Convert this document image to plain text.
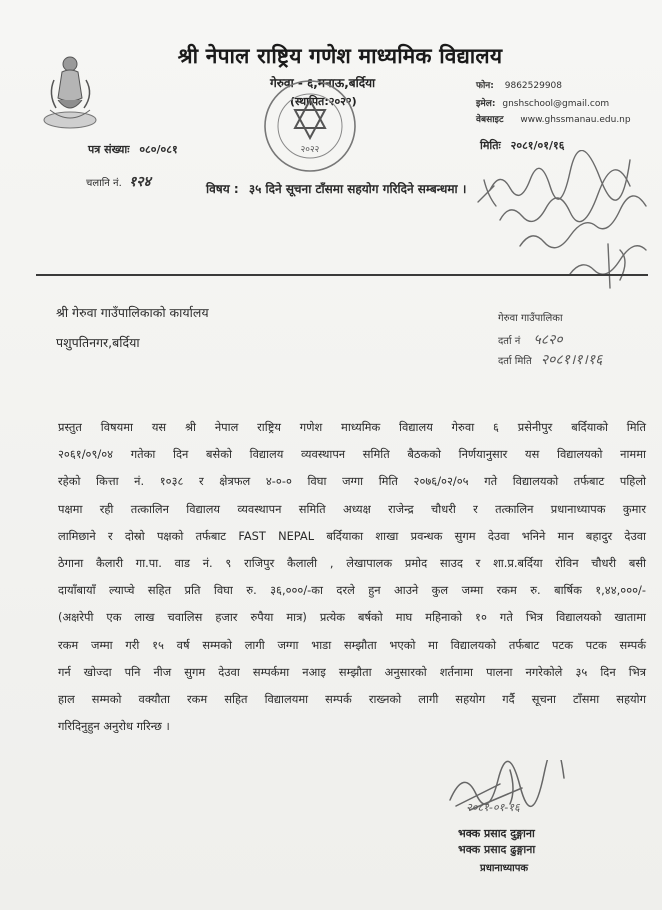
श्री नेपाल राष्ट्रिय गणेश माध्यमिक विद्यालय
गेरुवा - ६,मनाऊ,बर्दिया
(स्थापित:२०२२)
फोन: 9862529908
इमेल: gnshschool@gmail.com
वेबसाइट www.ghssmanau.edu.np
२०२२
पत्र संख्याः ०८०/०८१	मितिः २०८१/०१/१६
चलानि नं. १२४	विषय : ३५ दिने सूचना टाँसमा सहयोग गरिदिने सम्बन्धमा ।
श्री गेरुवा गाउँपालिकाको कार्यालय
पशुपतिनगर,बर्दिया
गेरुवा गाउँपालिका
दर्ता नं ५८२०
दर्ता मिति २०८१।१।१६
प्रस्तुत विषयमा यस श्री नेपाल राष्ट्रिय गणेश माध्यमिक विद्यालय गेरुवा ६ प्रसेनीपुर बर्दियाको मिति
२०६१/०९/०४ गतेका दिन बसेको विद्यालय व्यवस्थापन समिति बैठकको निर्णयानुसार यस विद्यालयको नाममा
रहेको कित्ता नं. १०३८ र क्षेत्रफल ४-०-० विघा जग्गा मिति २०७६/०२/०५ गते विद्यालयको तर्फबाट पहिलो
पक्षमा रही तत्कालिन विद्यालय व्यवस्थापन समिति अध्यक्ष राजेन्द्र चौधरी र तत्कालिन प्रधानाध्यापक कुमार
लामिछाने र दोस्रो पक्षको तर्फबाट FAST NEPAL बर्दियाका शाखा प्रवन्धक सुगम देउवा भनिने मान बहादुर देउवा
ठेगाना कैलारी गा.पा. वाड नं. ९ राजिपुर कैलाली , लेखापालक प्रमोद साउद र शा.प्र.बर्दिया रोविन चौधरी बसी
दायाँबायाँ ल्याप्चे सहित प्रति विघा रु. ३६,०००/-का दरले हुन आउने कुल जम्मा रकम रु. बार्षिक १,४४,०००/-
(अक्षरेपी एक लाख चवालिस हजार रुपैया मात्र) प्रत्येक बर्षको माघ महिनाको १० गते भित्र विद्यालयको खातामा
रकम जम्मा गरी १५ वर्ष सम्मको लागी जग्गा भाडा सम्झौता भएको मा विद्यालयको तर्फबाट पटक पटक सम्पर्क
गर्न खोज्दा पनि नीज सुगम देउवा सम्पर्कमा नआइ सम्झौता अनुसारको शर्तनामा पालना नगरेकोले ३५ दिन भित्र
हाल सम्मको वक्यौता रकम सहित विद्यालयमा सम्पर्क राख्नको लागी सहयोग गर्दै सूचना टाँसमा सहयोग
गरिदिनुहुन अनुरोध गरिन्छ ।
२०८१-०१-१६
भक्क प्रसाद दुङ्गाना
भक्क प्रसाद ढुङ्गाना
प्रधानाध्यापक
